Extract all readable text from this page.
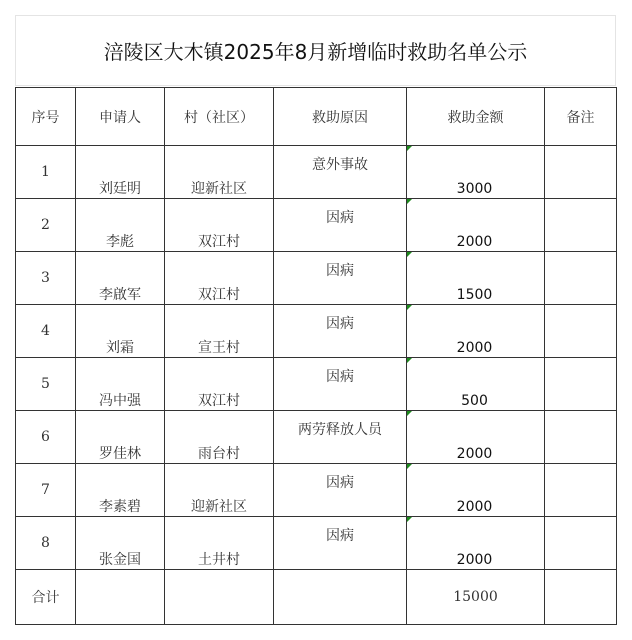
涪陵区大木镇2025年8月新增临时救助名单公示
序号	申请人	村（社区）	救助原因	救助金额	备注
1	刘廷明	迎新社区	意外事故	3000	

2	李彪	双江村	因病	2000	

3	李啟军	双江村	因病	1500	

4	刘霜	宣王村	因病	2000	

5	冯中强	双江村	因病	500	

6	罗佳林	雨台村	两劳释放人员	2000	

7	李素碧	迎新社区	因病	2000	

8	张金国	土井村	因病	2000	

合计				15000	
